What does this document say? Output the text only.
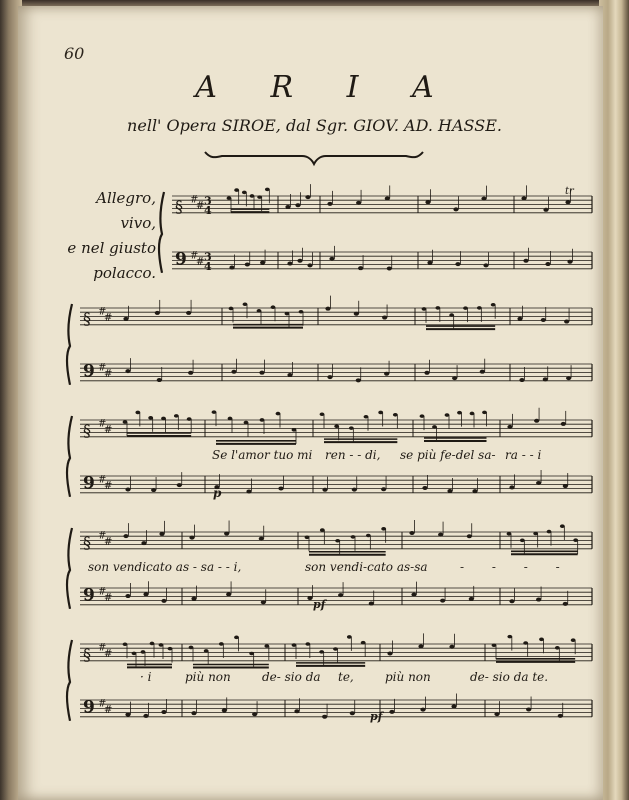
60
A R I A
nell' Opera SIROE, dal Sgr. GIOV. AD. HASSE.
Allegro, vivo,
e nel giusto
polacco.
§ #
#
9 #
#
3
4
3
4
§ #
#
9 #
#
§ #
#
9 #
#
§ #
#
9 #
#
§ #
#
9 #
#
Se l'amor tuo mi ren - - di, se più fe-del sa- ra - - i
son vendicato as - sa - - i,	son vendi-cato as-sa	- - - -
· i	più non	de- sio da te,	più non	de- sio da te.
p
pf
pf
tr
